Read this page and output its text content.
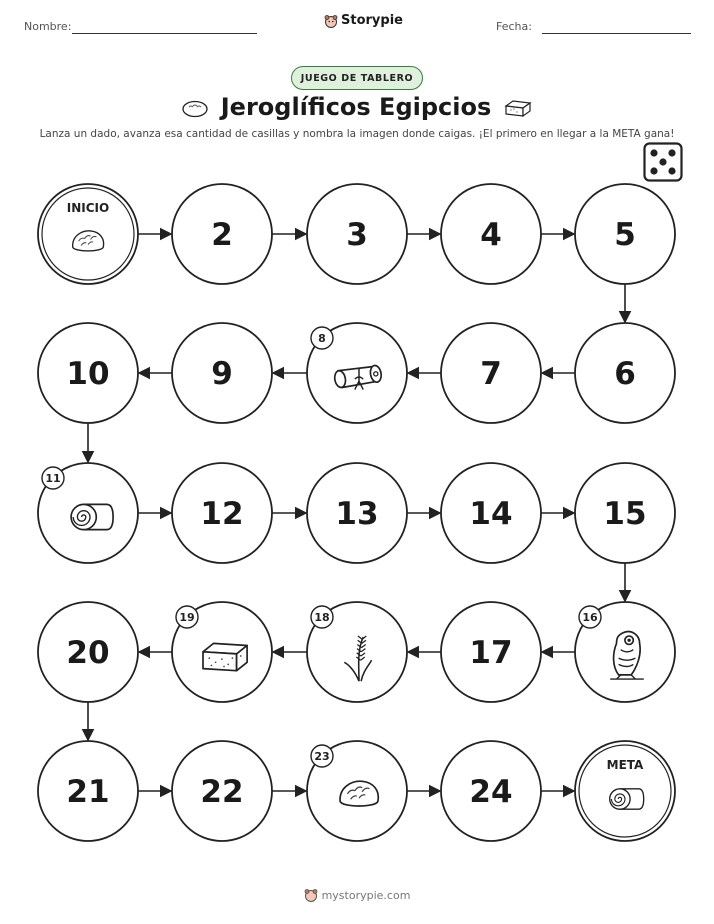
Nombre:	Storypie	Fecha:
JUEGO DE TABLERO
Jeroglíficos Egipcios
Lanza un dado, avanza esa cantidad de casillas y nombra la imagen donde caigas. ¡El primero en llegar a la META gana!
INICIO
2	3	4	5
6
7
8
9
10
11
12	13	14	15
16
17
18
19
20
21	22
23
24
META
mystorypie.com
